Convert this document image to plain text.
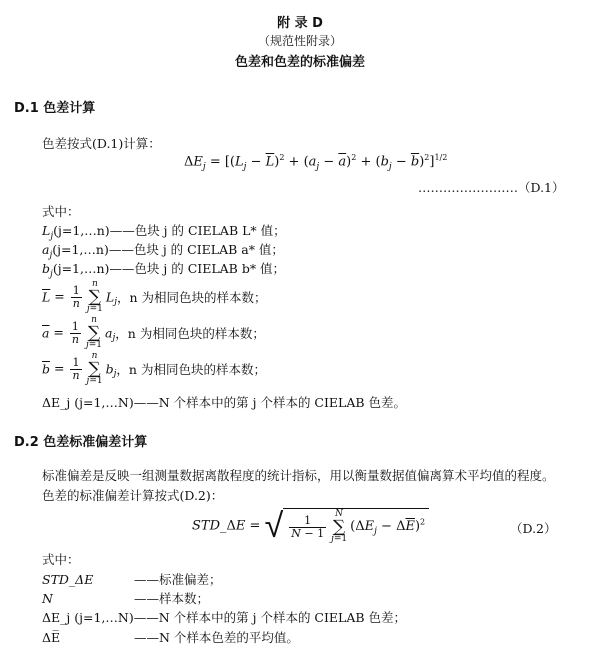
附 录 D
（规范性附录）
色差和色差的标准偏差
D.1 色差计算
色差按式(D.1)计算：
$\Delta E_j = [(L_j - \overline{L})^2 + (a_j - \overline{a})^2 + (b_j - \overline{b})^2]^{1/2}$
……………………（D.1）
式中：
$L_j(j=1,\dots n)——$色块 j 的 CIELAB L* 值；
$a_j(j=1,\dots n)——$色块 j 的 CIELAB a* 值；
$b_j(j=1,\dots n)——$色块 j 的 CIELAB b* 值；
$\overline{L} = \frac{1}{n}$
n
∑
$j=1L_j$，n 为相同色块的样本数；
$\overline{a} = \frac{1}{n}$
n
∑
$j=1a_j$，n 为相同色块的样本数；
$\overline{b} = \frac{1}{n}$
n
∑
$j=1b_j$，n 为相同色块的样本数；
ΔE_j (j=1,…N)——N 个样本中的第 j 个样本的 CIELAB 色差。
D.2 色差标准偏差计算
标准偏差是反映一组测量数据离散程度的统计指标，用以衡量数据值偏离算术平均值的程度。
色差的标准偏差计算按式(D.2)：
STD_ΔE = √ $\frac{1}{N - 1}$
N
∑
$j=1(\Delta E_j - \Delta\overline{E})^2$	（D.2）
式中：
STD_ΔE	——标准偏差；
N	——样本数；
ΔE_j (j=1,…N)——N 个样本中的第 j 个样本的 CIELAB 色差；
ΔE̅	——N 个样本色差的平均值。
